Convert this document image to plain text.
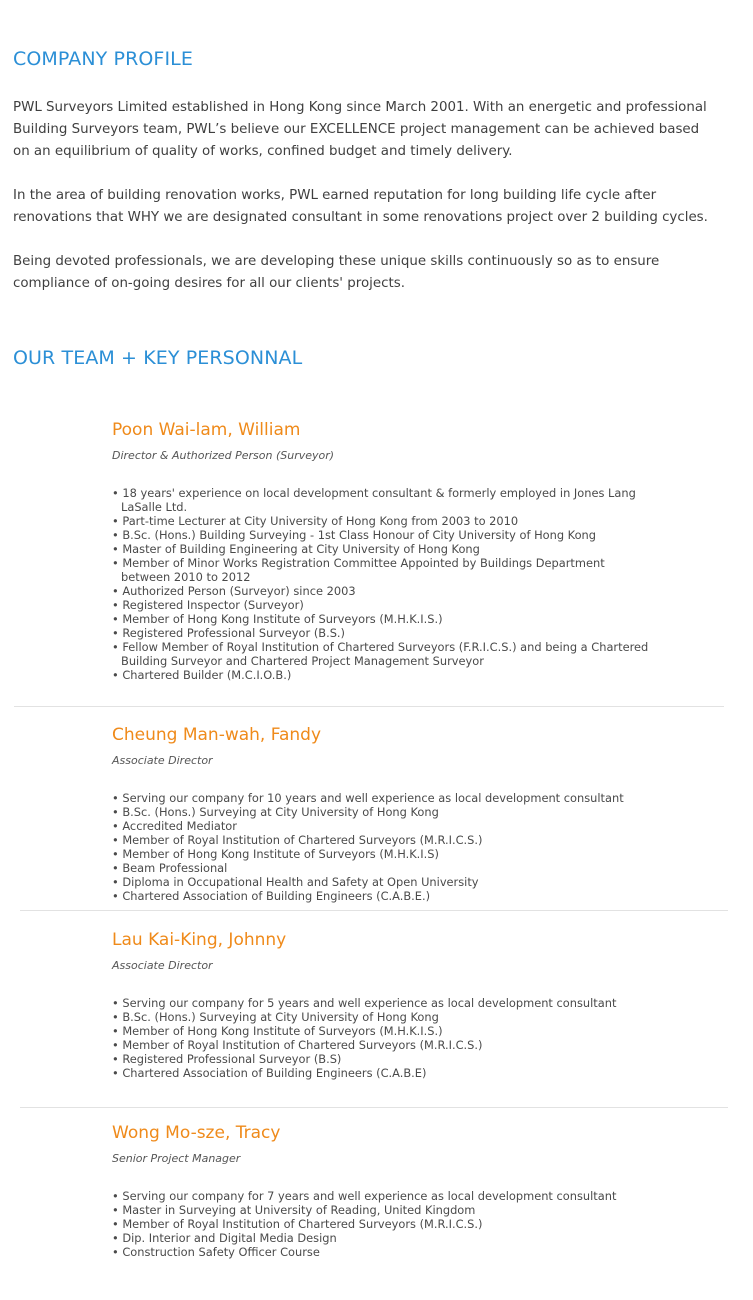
COMPANY PROFILE

PWL Surveyors Limited established in Hong Kong since March 2001. With an energetic and professional Building Surveyors team, PWL’s believe our EXCELLENCE project management can be achieved based on an equilibrium of quality of works, confined budget and timely delivery.

In the area of building renovation works, PWL earned reputation for long building life cycle after renovations that WHY we are designated consultant in some renovations project over 2 building cycles.

Being devoted professionals, we are developing these unique skills continuously so as to ensure compliance of on-going desires for all our clients' projects.

OUR TEAM + KEY PERSONNAL
Poon Wai-lam, William

Director & Authorized Person (Surveyor)

• 18 years' experience on local development consultant & formerly employed in Jones Lang LaSalle Ltd.
• Part-time Lecturer at City University of Hong Kong from 2003 to 2010
• B.Sc. (Hons.) Building Surveying - 1st Class Honour of City University of Hong Kong
• Master of Building Engineering at City University of Hong Kong
• Member of Minor Works Registration Committee Appointed by Buildings Department between 2010 to 2012
• Authorized Person (Surveyor) since 2003
• Registered Inspector (Surveyor)
• Member of Hong Kong Institute of Surveyors (M.H.K.I.S.)
• Registered Professional Surveyor (B.S.)
• Fellow Member of Royal Institution of Chartered Surveyors (F.R.I.C.S.) and being a Chartered Building Surveyor and Chartered Project Management Surveyor
• Chartered Builder (M.C.I.O.B.)
Cheung Man-wah, Fandy

Associate Director

• Serving our company for 10 years and well experience as local development consultant
• B.Sc. (Hons.) Surveying at City University of Hong Kong
• Accredited Mediator
• Member of Royal Institution of Chartered Surveyors (M.R.I.C.S.)
• Member of Hong Kong Institute of Surveyors (M.H.K.I.S)
• Beam Professional
• Diploma in Occupational Health and Safety at Open University
• Chartered Association of Building Engineers (C.A.B.E.)
Lau Kai-King, Johnny

Associate Director

• Serving our company for 5 years and well experience as local development consultant
• B.Sc. (Hons.) Surveying at City University of Hong Kong
• Member of Hong Kong Institute of Surveyors (M.H.K.I.S.)
• Member of Royal Institution of Chartered Surveyors (M.R.I.C.S.)
• Registered Professional Surveyor (B.S)
• Chartered Association of Building Engineers (C.A.B.E)
Wong Mo-sze, Tracy

Senior Project Manager

• Serving our company for 7 years and well experience as local development consultant
• Master in Surveying at University of Reading, United Kingdom
• Member of Royal Institution of Chartered Surveyors (M.R.I.C.S.)
• Dip. Interior and Digital Media Design
• Construction Safety Officer Course
